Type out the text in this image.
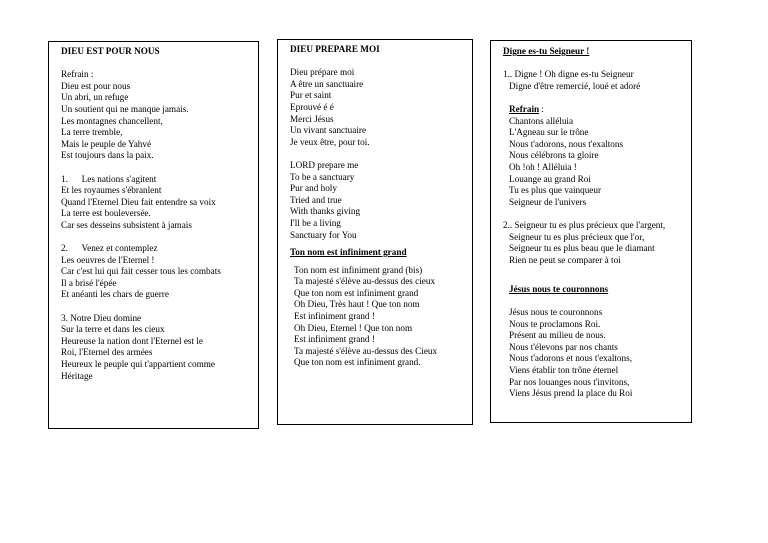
DIEU EST POUR NOUS
Refrain :
Dieu est pour nous
Un abri, un refuge
Un soutient qui ne manque jamais.
Les montagnes chancellent,
La terre tremble,
Mais le peuple de Yahvé
Est toujours dans la paix.
1.      Les nations s'agitent
Et les royaumes s'ébranlent
Quand l'Eternel Dieu fait entendre sa voix
La terre est bouleversée.
Car ses desseins subsistent à jamais
2.      Venez et contemplez
Les oeuvres de l'Eternel !
Car c'est lui qui fait cesser tous les combats
Il a brisé l'épée
Et anéanti les chars de guerre
3. Notre Dieu domine
Sur la terre et dans les cieux
Heureuse la nation dont l'Eternel est le
Roi, l'Eternel des armées
Heureux le peuple qui t'appartient comme
Héritage
DIEU PREPARE MOI
Dieu prépare moi
A être un sanctuaire
Pur et saint
Eprouvé é é
Merci Jésus
Un vivant sanctuaire
Je veux être, pour toi.
LORD prepare me
To be a sanctuary
Pur and holy
Tried and true
With thanks giving
I'll be a living
Sanctuary for You
Ton nom est infiniment grand
Ton nom est infiniment grand (bis)
Ta majesté s'élève au-dessus des cieux
Que ton nom est infiniment grand
Oh Dieu, Très haut ! Que ton nom
Est infiniment grand !
Oh Dieu, Eternel ! Que ton nom
Est infiniment grand !
Ta majesté s'élève au-dessus des Cieux
Que ton nom est infiniment grand.
Digne es-tu Seigneur !
1.. Digne ! Oh digne es-tu Seigneur
Digne d'être remercié, loué et adoré
Refrain :
Chantons alléluia
L'Agneau sur le trône
Nous t'adorons, nous t'exaltons
Nous célébrons ta gloire
Oh !oh ! Alléluia !
Louange au grand Roi
Tu es plus que vainqueur
Seigneur de l'univers
2.. Seigneur tu es plus précieux que l'argent,
Seigneur tu es plus précieux que l'or,
Seigneur tu es plus beau que le diamant
Rien ne peut se comparer à toi
Jésus nous te couronnons
Jésus nous te couronnons
Nous te proclamons Roi.
Présent au milieu de nous.
Nous t'élevons par nos chants
Nous t'adorons et nous t'exaltons,
Viens établir ton trône éternel
Par nos louanges nous t'invitons,
Viens Jésus prend la place du Roi
